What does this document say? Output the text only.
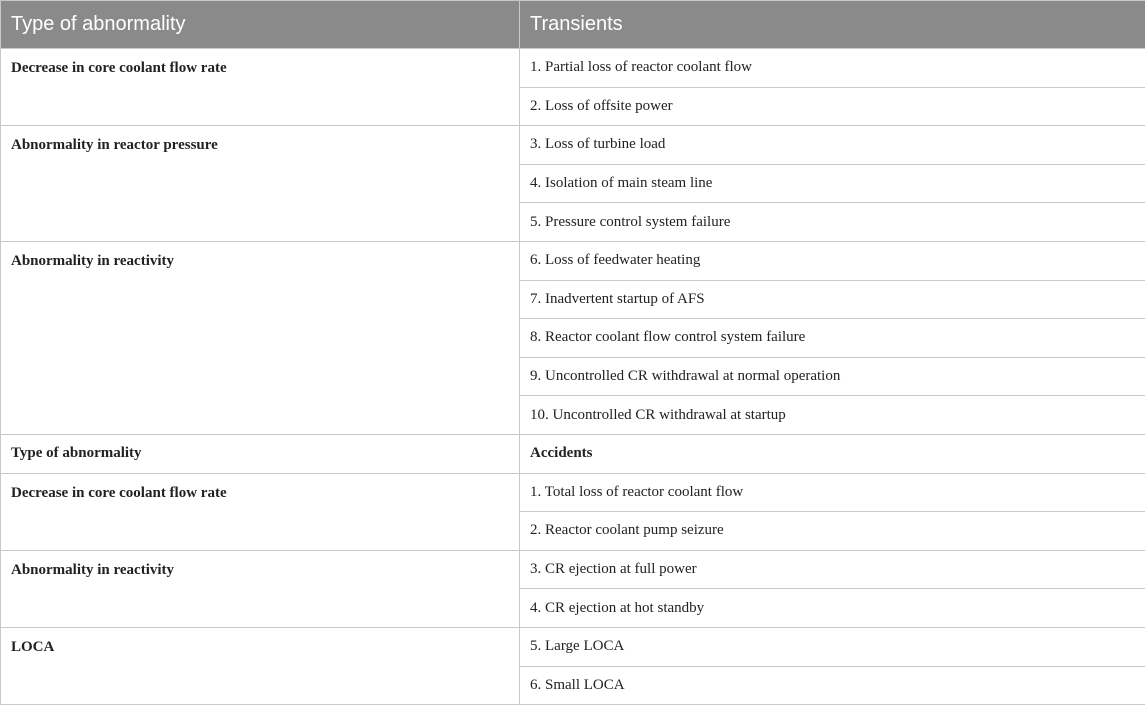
Type of abnormality	Transients
Decrease in core coolant flow rate	1. Partial loss of reactor coolant flow
	2. Loss of offsite power
Abnormality in reactor pressure	3. Loss of turbine load
	4. Isolation of main steam line
	5. Pressure control system failure
Abnormality in reactivity	6. Loss of feedwater heating
	7. Inadvertent startup of AFS
	8. Reactor coolant flow control system failure
	9. Uncontrolled CR withdrawal at normal operation
	10. Uncontrolled CR withdrawal at startup
Type of abnormality	Accidents
Decrease in core coolant flow rate	1. Total loss of reactor coolant flow
	2. Reactor coolant pump seizure
Abnormality in reactivity	3. CR ejection at full power
	4. CR ejection at hot standby
LOCA	5. Large LOCA
	6. Small LOCA
